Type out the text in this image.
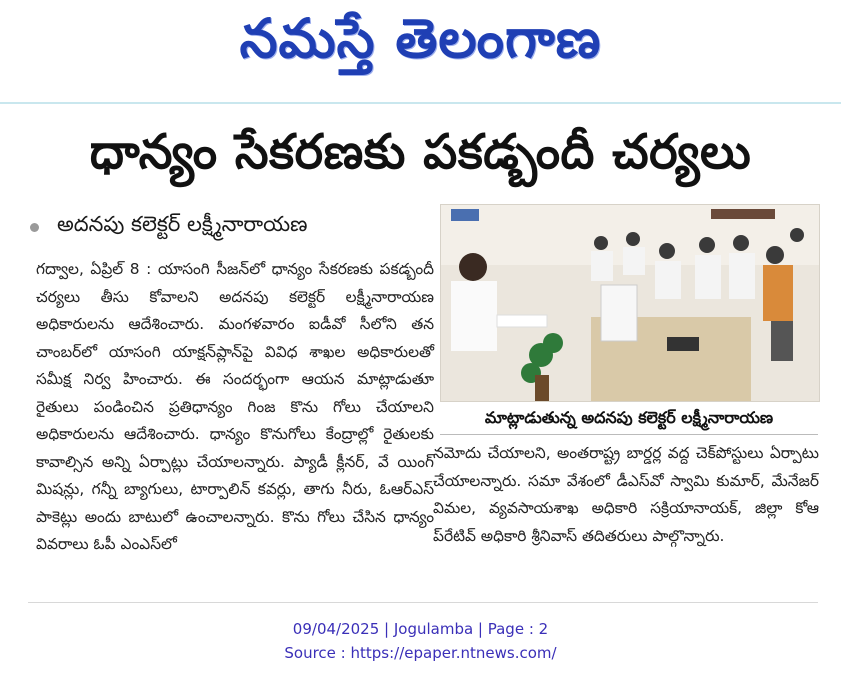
నమస్తే తెలంగాణ
ధాన్యం సేకరణకు పకడ్బందీ చర్యలు
అదనపు కలెక్టర్ లక్ష్మీనారాయణ

గద్వాల, ఏప్రిల్ 8 : యాసంగి సీజన్‌లో ధాన్యం సేకరణకు పకడ్బందీ చర్యలు తీసు కోవాలని అదనపు కలెక్టర్ లక్ష్మీనారాయణ అధికారులను ఆదేశించారు. మంగళవారం ఐడీవో సీలోని తన చాంబర్‌లో యాసంగి యాక్షన్‌ప్లాన్‌పై వివిధ శాఖల అధికారులతో సమీక్ష నిర్వ హించారు. ఈ సందర్భంగా ఆయన మాట్లాడుతూ రైతులు పండించిన ప్రతిధాన్యం గింజ కొను గోలు చేయాలని అధికారులను ఆదేశించారు. ధాన్యం కొనుగోలు కేంద్రాల్లో రైతులకు కావాల్సిన అన్ని ఏర్పాట్లు చేయాలన్నారు. ప్యాడీ క్లీనర్, వే యింగ్ మిషన్లు, గన్నీ బ్యాగులు, టార్పాలిన్ కవర్లు, తాగు నీరు, ఓఆర్ఎస్ పాకెట్లు అందు బాటులో ఉంచాలన్నారు. కొను గోలు చేసిన ధాన్యం వివరాలు ఓపీ ఎంఎస్‌లో

మాట్లాడుతున్న అదనపు కలెక్టర్ లక్ష్మీనారాయణ

నమోదు చేయాలని, అంతరాష్ట్ర బార్డర్ల వద్ద చెక్‌పోస్టులు ఏర్పాటు చేయాలన్నారు. సమా వేశంలో డీఎస్‌వో స్వామి కుమార్, మేనేజర్ విమల, వ్యవసాయశాఖ అధికారి సక్రియానాయక్, జిల్లా కోఆ ప్‌రేటివ్ అధికారి శ్రీనివాస్ తదితరులు పాల్గొన్నారు.

09/04/2025 | Jogulamba | Page : 2
Source : https://epaper.ntnews.com/
